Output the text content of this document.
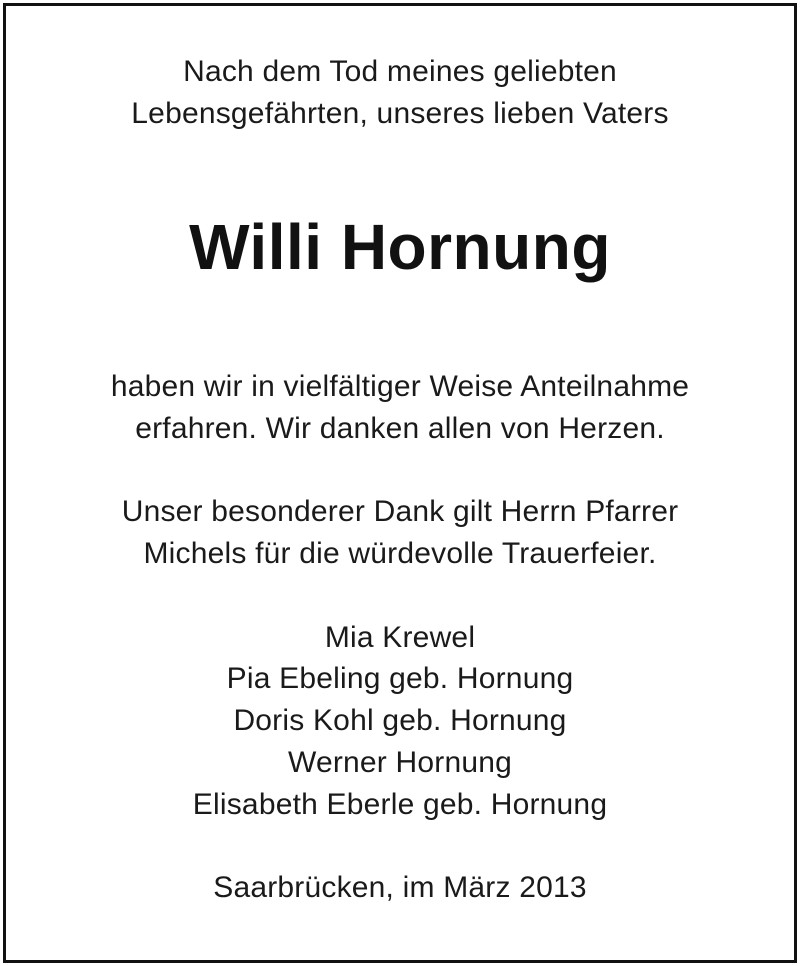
Nach dem Tod meines geliebten
Lebensgefährten, unseres lieben Vaters
Willi Hornung
haben wir in vielfältiger Weise Anteilnahme
erfahren. Wir danken allen von Herzen.
Unser besonderer Dank gilt Herrn Pfarrer
Michels für die würdevolle Trauerfeier.
Mia Krewel
Pia Ebeling geb. Hornung
Doris Kohl geb. Hornung
Werner Hornung
Elisabeth Eberle geb. Hornung
Saarbrücken, im März 2013
